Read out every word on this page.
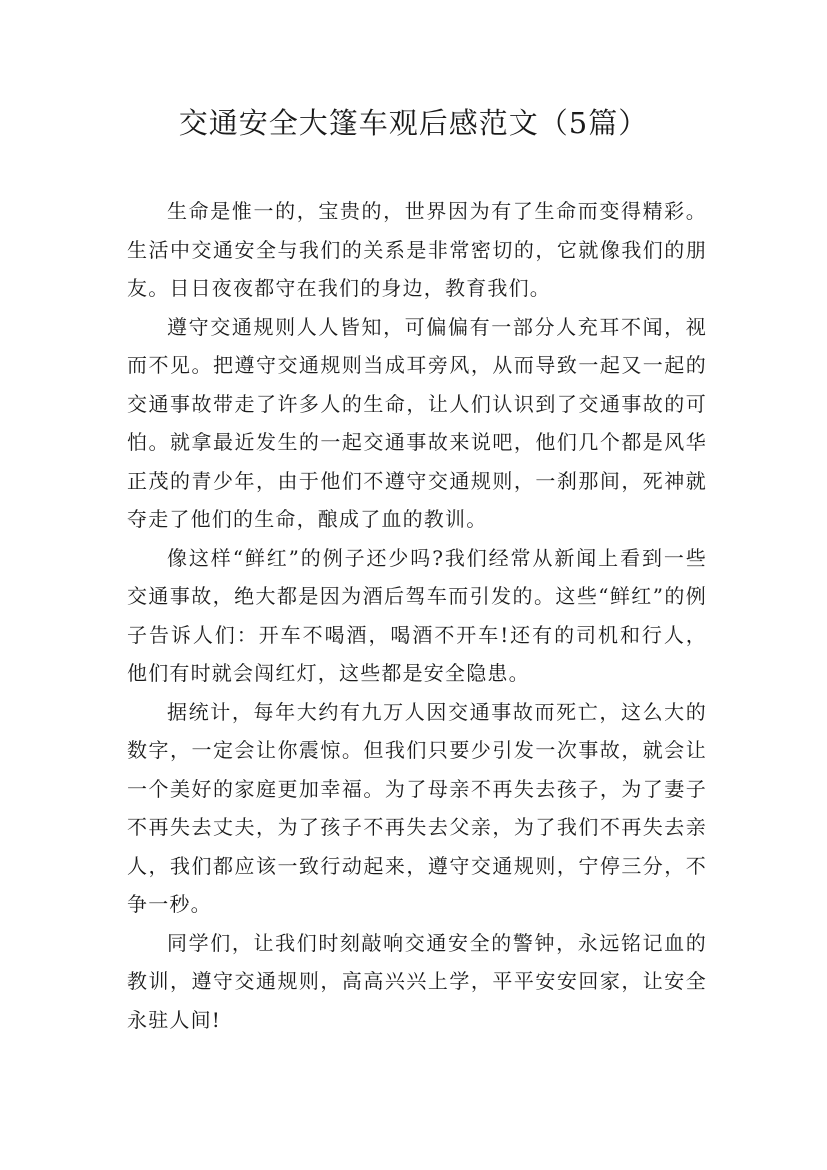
交通安全大篷车观后感范文（5篇）

生命是惟一的，宝贵的，世界因为有了生命而变得精彩。生活中交通安全与我们的关系是非常密切的，它就像我们的朋友。日日夜夜都守在我们的身边，教育我们。

遵守交通规则人人皆知，可偏偏有一部分人充耳不闻，视而不见。把遵守交通规则当成耳旁风，从而导致一起又一起的交通事故带走了许多人的生命，让人们认识到了交通事故的可怕。就拿最近发生的一起交通事故来说吧，他们几个都是风华正茂的青少年，由于他们不遵守交通规则，一刹那间，死神就夺走了他们的生命，酿成了血的教训。

像这样“鲜红”的例子还少吗?我们经常从新闻上看到一些交通事故，绝大都是因为酒后驾车而引发的。这些“鲜红”的例子告诉人们：开车不喝酒，喝酒不开车!还有的司机和行人，他们有时就会闯红灯，这些都是安全隐患。

据统计，每年大约有九万人因交通事故而死亡，这么大的数字，一定会让你震惊。但我们只要少引发一次事故，就会让一个美好的家庭更加幸福。为了母亲不再失去孩子，为了妻子不再失去丈夫，为了孩子不再失去父亲，为了我们不再失去亲人，我们都应该一致行动起来，遵守交通规则，宁停三分，不争一秒。

同学们，让我们时刻敲响交通安全的警钟，永远铭记血的教训，遵守交通规则，高高兴兴上学，平平安安回家，让安全永驻人间!
